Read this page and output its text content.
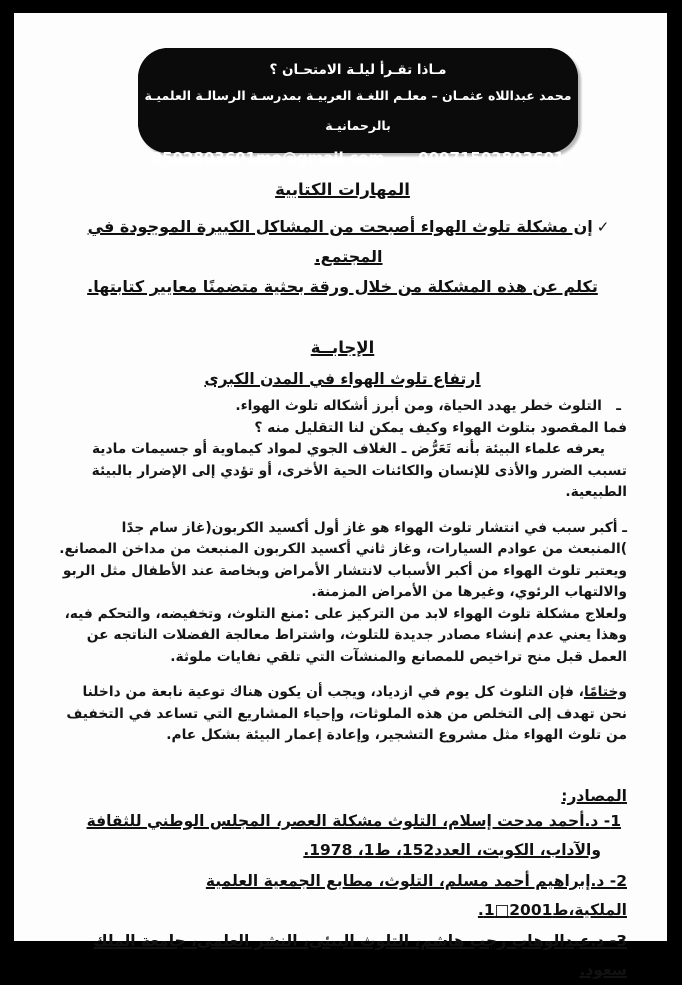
مـاذا تقـرأ ليلـة الامتحـان ؟
محمد عبداللاه عثمـان – معلـم اللغـة العربيـة بمدرسـة الرسالـة العلميـة بالرحمانيـة
0502803601mo@gmail.com – 00971502803601
المهارات الكتابية
✓إن مشكلة تلوث الهواء أصبحت من المشاكل الكبيرة الموجودة في المجتمع.
تكلم عن هذه المشكلة من خلال ورقة بحثية متضمنًا معايير كتابتها.
الإجابــة
ارتفاع تلوث الهواء في المدن الكبرى

ـ   التلوث خطر يهدد الحياة، ومن أبرز أشكاله تلوث الهواء.

فما المقصود بتلوث الهواء وكيف يمكن لنا التقليل منه ؟

يعرفه علماء البيئة بأنه تَعَرُّض ـ الغلاف الجوي لمواد كيماوية أو جسيمات مادية تسبب الضرر والأذى للإنسان والكائنات الحية الأخرى، أو تؤدي إلى الإضرار بالبيئة الطبيعية.

ـ أكبر سبب في انتشار تلوث الهواء هو غاز أول أكسيد الكربون(غاز سام جدًا )المنبعث من عوادم السيارات، وغاز ثاني أكسيد الكربون المنبعث من مداخن المصانع.

ويعتبر تلوث الهواء من أكبر الأسباب لانتشار الأمراض وبخاصة عند الأطفال مثل الربو والالتهاب الرئوي، وغيرها من الأمراض المزمنة.

ولعلاج مشكلة تلوث الهواء لابد من التركيز على :منع التلوث، وتخفيضه، والتحكم فيه، وهذا يعني عدم إنشاء مصادر جديدة للتلوث، واشتراط معالجة الفضلات الناتجه عن العمل قبل منح تراخيص للمصانع والمنشآت التي تلقي نفايات ملوثة.

وختامًا، فإن التلوث كل يوم في ازدياد، ويجب أن يكون هناك توعية نابعة من داخلنا نحن تهدف إلى التخلص من هذه الملوثات، وإحياء المشاريع التي تساعد في التخفيف من تلوث الهواء مثل مشروع التشجير، وإعادة إعمار البيئة بشكل عام.

المصادر:

1- د.أحمد مدحت إسلام، التلوث مشكلة العصر، المجلس الوطني للثقافة والآداب، الكويت، العدد152، ط1، 1978.

2- د.إبراهيم أحمد مسلم، التلوث، مطابع الجمعية العلمية الملكية،ط2001□1.

3- د.عبدالوهاب رجب هاشم، التلوث البيئي، النشر العلمي، جامعة الملك سعود.
